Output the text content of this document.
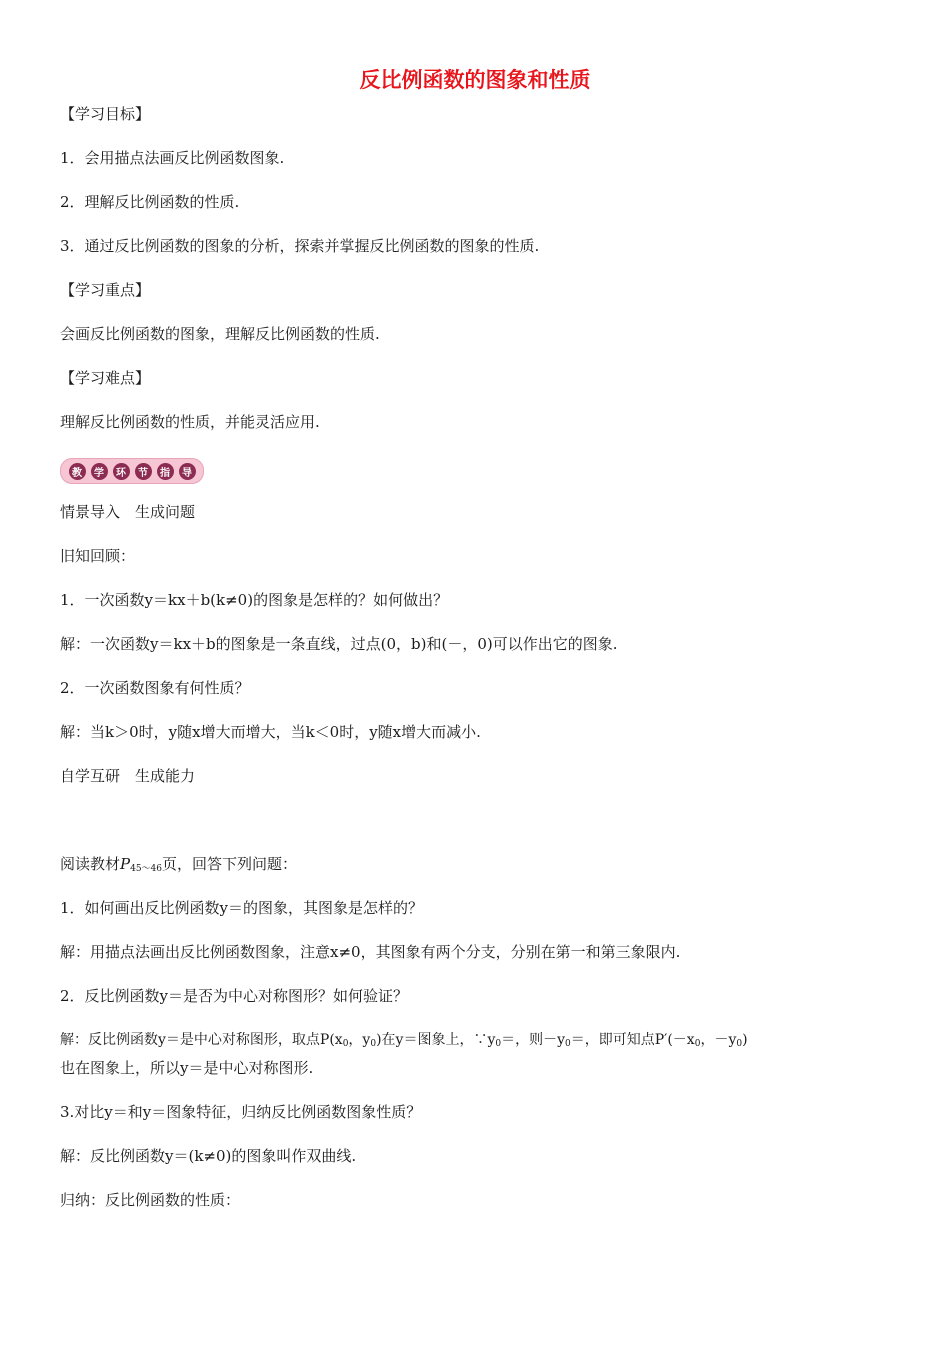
反比例函数的图象和性质
【学习目标】
1．会用描点法画反比例函数图象.
2．理解反比例函数的性质.
3．通过反比例函数的图象的分析，探索并掌握反比例函数的图象的性质.
【学习重点】
会画反比例函数的图象，理解反比例函数的性质.
【学习难点】
理解反比例函数的性质，并能灵活应用.
教	学	环	节	指	导
情景导入　生成问题
旧知回顾：
1．一次函数y＝kx＋b(k≠0)的图象是怎样的？如何做出？
解：一次函数y＝kx＋b的图象是一条直线，过点(0，b)和(－，0)可以作出它的图象.
2．一次函数图象有何性质？
解：当k＞0时，y随x增大而增大，当k＜0时，y随x增大而减小.
自学互研　生成能力
阅读教材$P_{45\sim 46}$页，回答下列问题：
1．如何画出反比例函数y＝的图象，其图象是怎样的？
解：用描点法画出反比例函数图象，注意x≠0，其图象有两个分支，分别在第一和第三象限内.
2．反比例函数y＝是否为中心对称图形？如何验证？
解：反比例函数y＝是中心对称图形，取点$P(x_0$，$y_0$)在y＝图象上，$\because y_0=$，则$-y_0=$，即可知点$P'(-x_0$，$-y_0$)
也在图象上，所以y＝是中心对称图形.
3.对比y＝和y＝图象特征，归纳反比例函数图象性质？
解：反比例函数y＝(k≠0)的图象叫作双曲线.
归纳：反比例函数的性质：
